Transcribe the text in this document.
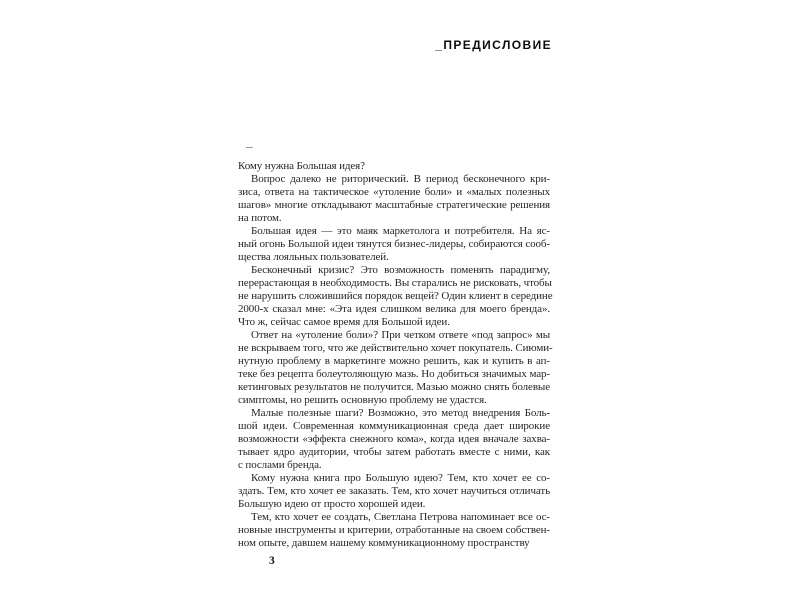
_ПРЕДИСЛОВИЕ
_
Кому нужна Большая идея?
Вопрос далеко не риторический. В период бесконечного кри-
зиса, ответа на тактическое «утоление боли» и «малых полезных
шагов» многие откладывают масштабные стратегические решения
на потом.
Большая идея — это маяк маркетолога и потребителя. На яс-
ный огонь Большой идеи тянутся бизнес-лидеры, собираются сооб-
щества лояльных пользователей.
Бесконечный кризис? Это возможность поменять парадигму,
перерастающая в необходимость. Вы старались не рисковать, чтобы
не нарушить сложившийся порядок вещей? Один клиент в середине
2000-х сказал мне: «Эта идея слишком велика для моего бренда».
Что ж, сейчас самое время для Большой идеи.
Ответ на «утоление боли»? При четком ответе «под запрос» мы
не вскрываем того, что же действительно хочет покупатель. Сиюми-
нутную проблему в маркетинге можно решить, как и купить в ап-
теке без рецепта болеутоляющую мазь. Но добиться значимых мар-
кетинговых результатов не получится. Мазью можно снять болевые
симптомы, но решить основную проблему не удастся.
Малые полезные шаги? Возможно, это метод внедрения Боль-
шой идеи. Современная коммуникационная среда дает широкие
возможности «эффекта снежного кома», когда идея вначале захва-
тывает ядро аудитории, чтобы затем работать вместе с ними, как
с послами бренда.
Кому нужна книга про Большую идею? Тем, кто хочет ее со-
здать. Тем, кто хочет ее заказать. Тем, кто хочет научиться отличать
Большую идею от просто хорошей идеи.
Тем, кто хочет ее создать, Светлана Петрова напоминает все ос-
новные инструменты и критерии, отработанные на своем собствен-
ном опыте, давшем нашему коммуникационному пространству
3
